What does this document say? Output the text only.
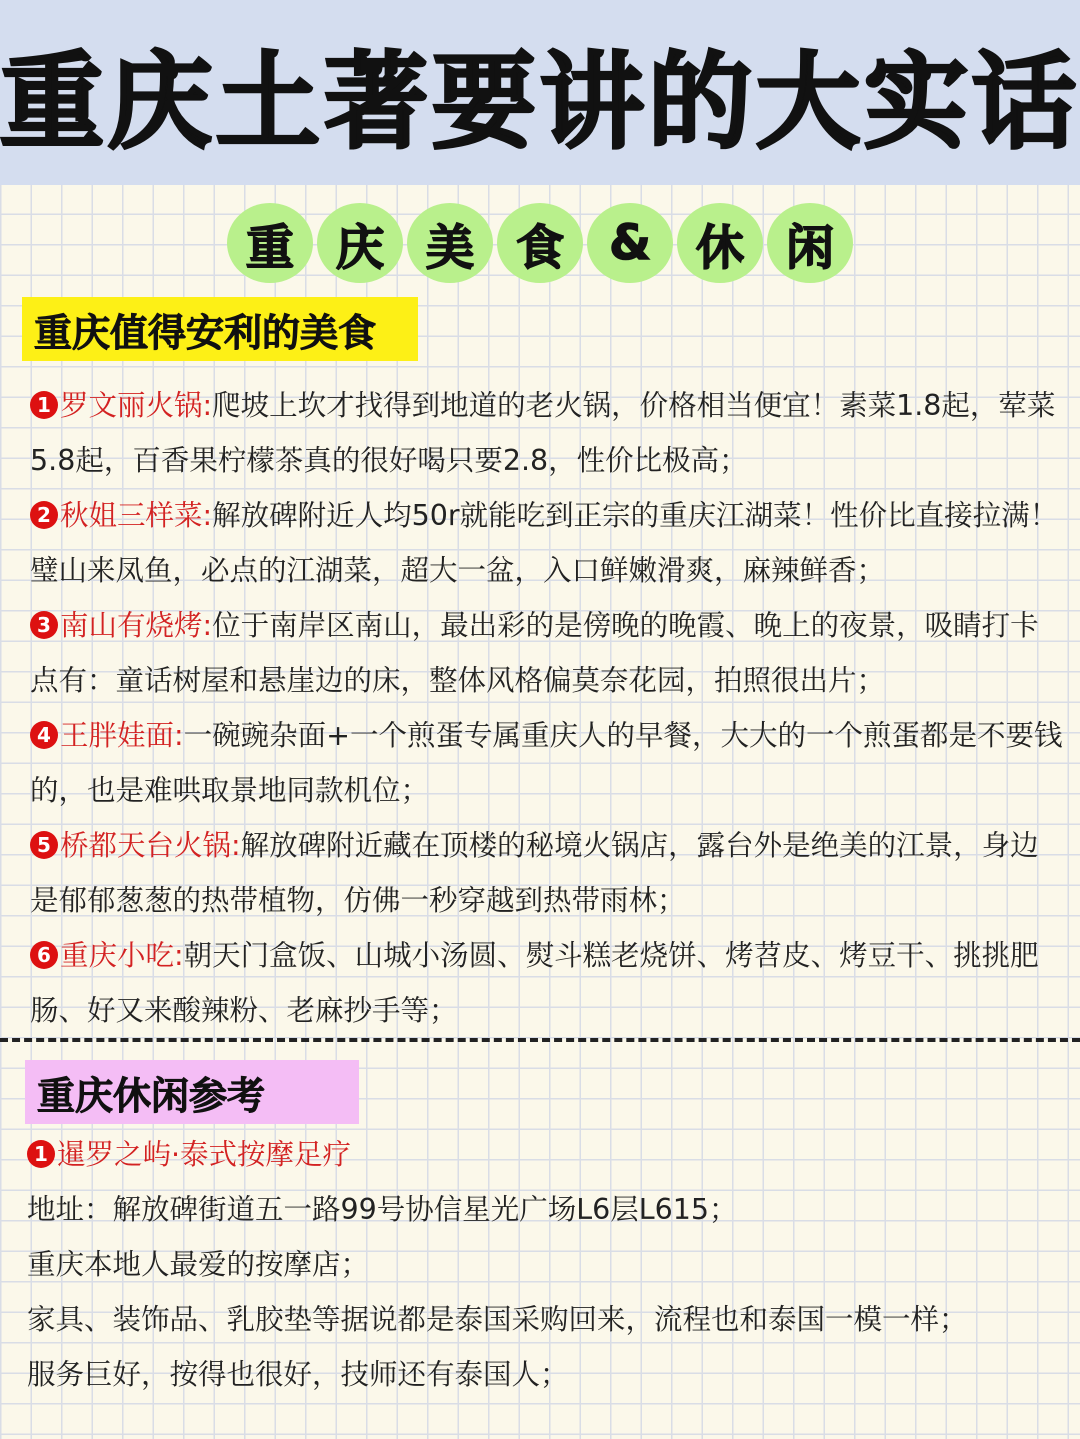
重庆土著要讲的大实话
重 庆 美 食 & 休 闲
重庆值得安利的美食

1 罗文丽火锅:爬坡上坎才找得到地道的老火锅，价格相当便宜！素菜1.8起，荤菜5.8起，百香果柠檬茶真的很好喝只要2.8，性价比极高；

2 秋姐三样菜:解放碑附近人均50r就能吃到正宗的重庆江湖菜！性价比直接拉满！璧山来凤鱼，必点的江湖菜，超大一盆，入口鲜嫩滑爽，麻辣鲜香；

3 南山有烧烤:位于南岸区南山，最出彩的是傍晚的晚霞、晚上的夜景，吸睛打卡点有：童话树屋和悬崖边的床，整体风格偏莫奈花园，拍照很出片；

4 王胖娃面:一碗豌杂面+一个煎蛋专属重庆人的早餐，大大的一个煎蛋都是不要钱的，也是难哄取景地同款机位；

5 桥都天台火锅:解放碑附近藏在顶楼的秘境火锅店，露台外是绝美的江景，身边是郁郁葱葱的热带植物，仿佛一秒穿越到热带雨林；

6 重庆小吃:朝天门盒饭、山城小汤圆、熨斗糕老烧饼、烤苕皮、烤豆干、挑挑肥肠、好又来酸辣粉、老麻抄手等；

重庆休闲参考

1 暹罗之屿·泰式按摩足疗

地址：解放碑街道五一路99号协信星光广场L6层L615；

重庆本地人最爱的按摩店；

家具、装饰品、乳胶垫等据说都是泰国采购回来，流程也和泰国一模一样；

服务巨好，按得也很好，技师还有泰国人；
